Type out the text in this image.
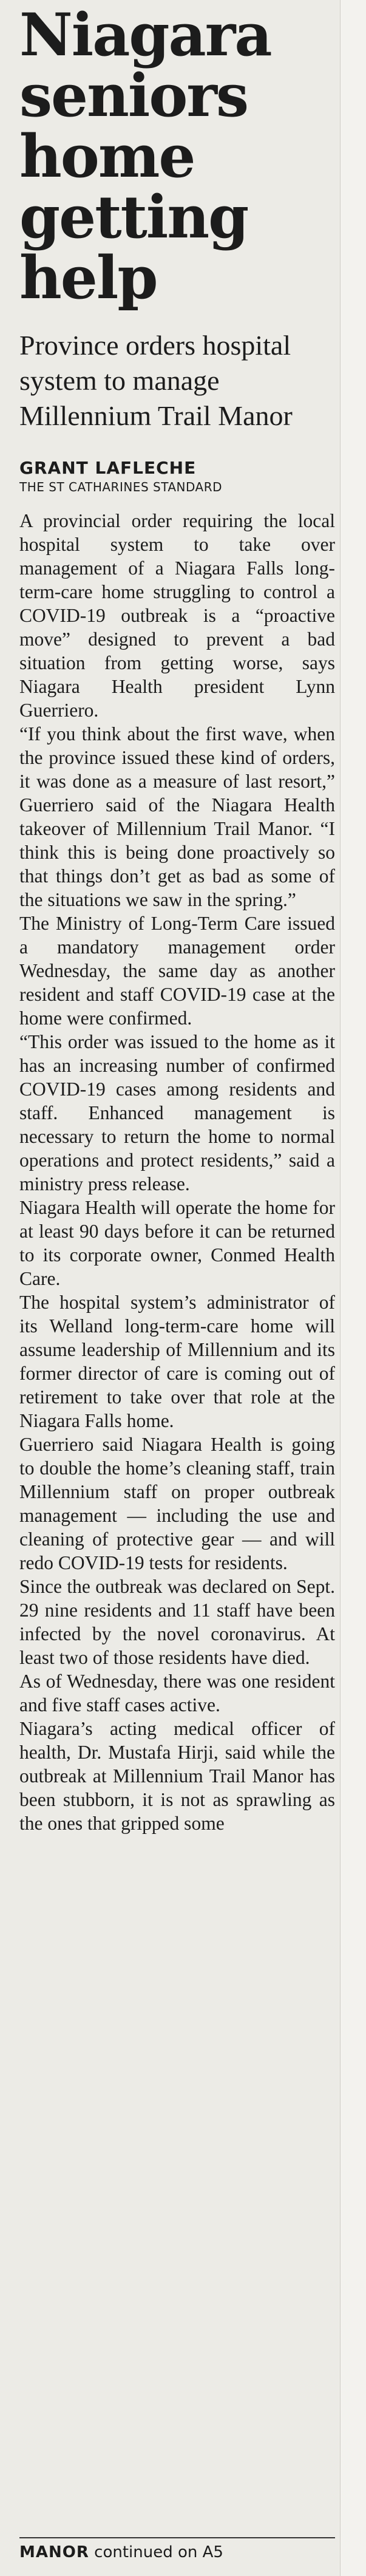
Niagara seniors home getting help
Province orders hospital system to manage Millennium Trail Manor
GRANT LAFLECHE
THE ST CATHARINES STANDARD

A provincial order requiring the local hospital system to take over management of a Niagara Falls long-term-care home struggling to control a COVID-19 outbreak is a “proactive move” designed to prevent a bad situation from getting worse, says Niagara Health president Lynn Guerriero.

“If you think about the first wave, when the province issued these kind of orders, it was done as a measure of last resort,” Guerriero said of the Niagara Health takeover of Millennium Trail Manor. “I think this is being done proactively so that things don’t get as bad as some of the situations we saw in the spring.”

The Ministry of Long-Term Care issued a mandatory management order Wednesday, the same day as another resident and staff COVID-19 case at the home were confirmed.

“This order was issued to the home as it has an increasing number of confirmed COVID-19 cases among residents and staff. Enhanced management is necessary to return the home to normal operations and protect residents,” said a ministry press release.

Niagara Health will operate the home for at least 90 days before it can be returned to its corporate owner, Conmed Health Care.

The hospital system’s administrator of its Welland long-term-care home will assume leadership of Millennium and its former director of care is coming out of retirement to take over that role at the Niagara Falls home.

Guerriero said Niagara Health is going to double the home’s cleaning staff, train Millennium staff on proper outbreak management — including the use and cleaning of protective gear — and will redo COVID-19 tests for residents.

Since the outbreak was declared on Sept. 29 nine residents and 11 staff have been infected by the novel coronavirus. At least two of those residents have died.

As of Wednesday, there was one resident and five staff cases active.

Niagara’s acting medical officer of health, Dr. Mustafa Hirji, said while the outbreak at Millennium Trail Manor has been stubborn, it is not as sprawling as the ones that gripped some

MANOR continued on A5
